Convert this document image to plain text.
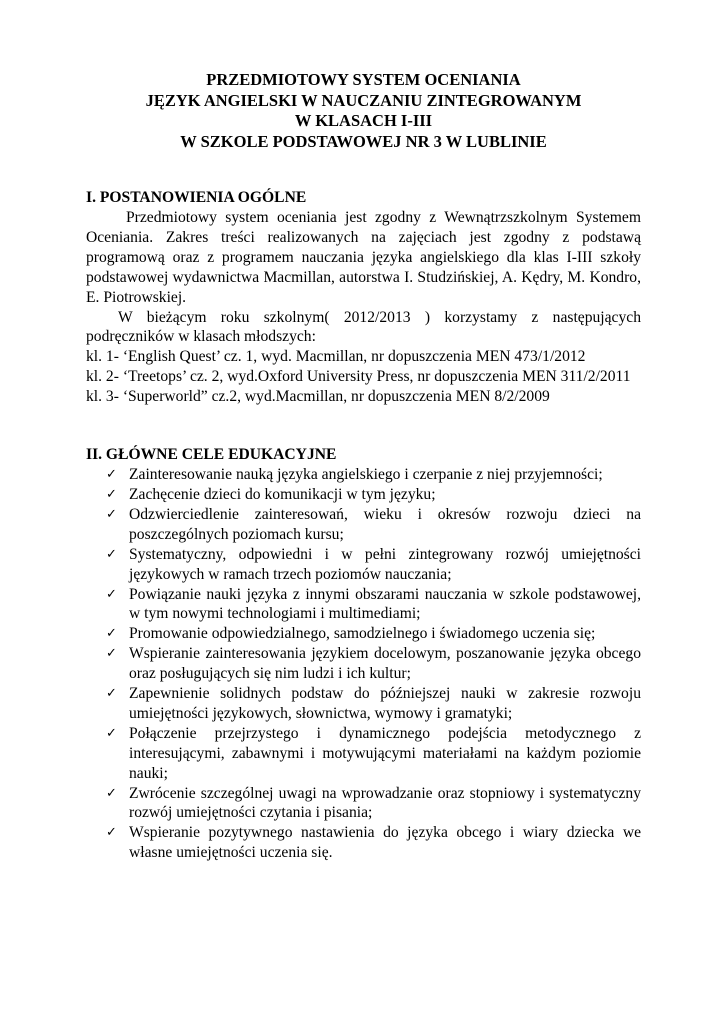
PRZEDMIOTOWY SYSTEM OCENIANIA
JĘZYK ANGIELSKI W NAUCZANIU ZINTEGROWANYM
W KLASACH I-III
W SZKOLE PODSTAWOWEJ NR 3 W LUBLINIE
I. POSTANOWIENIA OGÓLNE

Przedmiotowy system oceniania jest zgodny z Wewnątrzszkolnym Systemem Oceniania. Zakres treści realizowanych na zajęciach jest zgodny z podstawą programową oraz z programem nauczania języka angielskiego dla klas I-III szkoły podstawowej wydawnictwa Macmillan, autorstwa I. Studzińskiej, A. Kędry, M. Kondro, E. Piotrowskiej.

W bieżącym roku szkolnym( 2012/2013 ) korzystamy z następujących podręczników w klasach młodszych:

kl. 1- ‘English Quest’ cz. 1, wyd. Macmillan, nr dopuszczenia MEN 473/1/2012

kl. 2- ‘Treetops’ cz. 2, wyd.Oxford University Press, nr dopuszczenia MEN 311/2/2011

kl. 3- ‘Superworld” cz.2, wyd.Macmillan, nr dopuszczenia MEN 8/2/2009

II. GŁÓWNE CELE EDUKACYJNE
✓ Zainteresowanie nauką języka angielskiego i czerpanie z niej przyjemności;
✓ Zachęcenie dzieci do komunikacji w tym języku;
✓ Odzwierciedlenie zainteresowań, wieku i okresów rozwoju dzieci na poszczególnych poziomach kursu;
✓ Systematyczny, odpowiedni i w pełni zintegrowany rozwój umiejętności językowych w ramach trzech poziomów nauczania;
✓ Powiązanie nauki języka z innymi obszarami nauczania w szkole podstawowej, w tym nowymi technologiami i multimediami;
✓ Promowanie odpowiedzialnego, samodzielnego i świadomego uczenia się;
✓ Wspieranie zainteresowania językiem docelowym, poszanowanie języka obcego oraz posługujących się nim ludzi i ich kultur;
✓ Zapewnienie solidnych podstaw do późniejszej nauki w zakresie rozwoju umiejętności językowych, słownictwa, wymowy i gramatyki;
✓ Połączenie przejrzystego i dynamicznego podejścia metodycznego z interesującymi, zabawnymi i motywującymi materiałami na każdym poziomie nauki;
✓ Zwrócenie szczególnej uwagi na wprowadzanie oraz stopniowy i systematyczny rozwój umiejętności czytania i pisania;
✓ Wspieranie pozytywnego nastawienia do języka obcego i wiary dziecka we własne umiejętności uczenia się.
